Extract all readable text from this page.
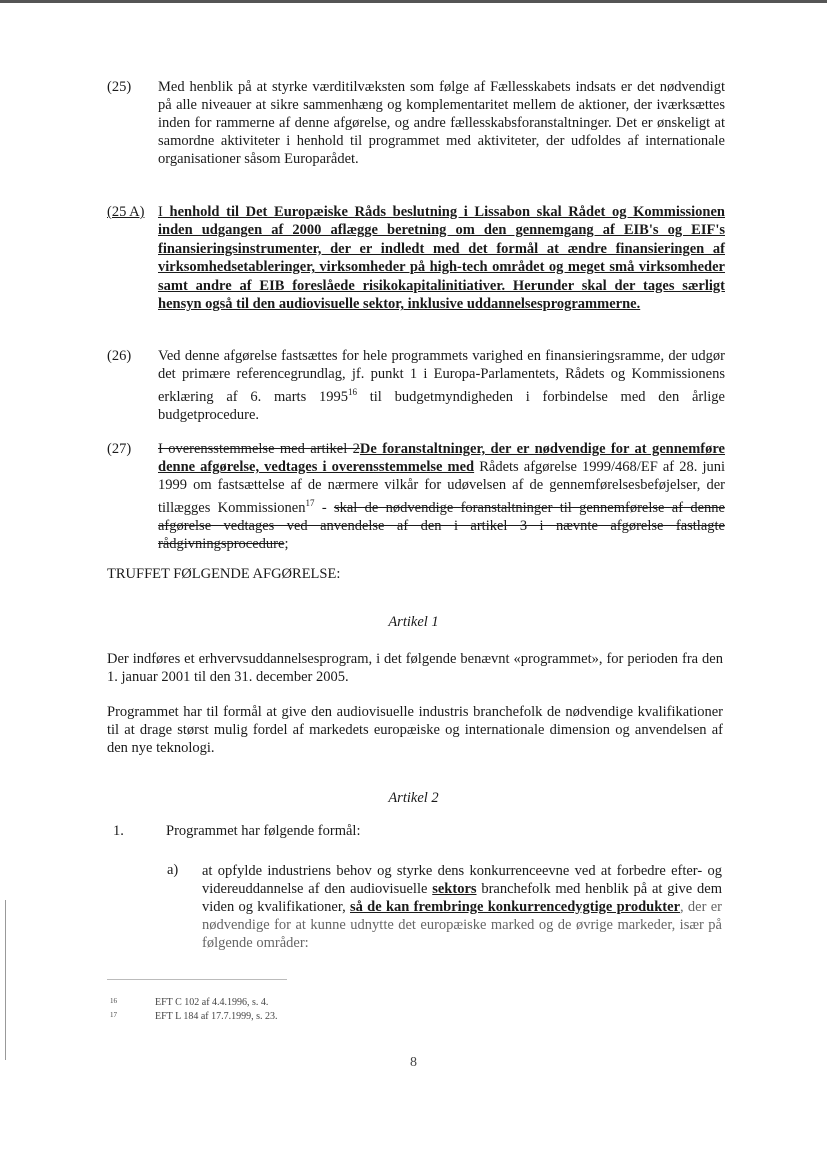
(25) Med henblik på at styrke værditilvæksten som følge af Fællesskabets indsats er det nødvendigt på alle niveauer at sikre sammenhæng og komplementaritet mellem de aktioner, der iværksættes inden for rammerne af denne afgørelse, og andre fællesskabsforanstaltninger. Det er ønskeligt at samordne aktiviteter i henhold til programmet med aktiviteter, der udfoldes af internationale organisationer såsom Europarådet.
(25 A) I henhold til Det Europæiske Råds beslutning i Lissabon skal Rådet og Kommissionen inden udgangen af 2000 aflægge beretning om den gennemgang af EIB's og EIF's finansieringsinstrumenter, der er indledt med det formål at ændre finansieringen af virksomhedsetableringer, virksomheder på high-tech området og meget små virksomheder samt andre af EIB foreslåede risikokapitalinitiativer. Herunder skal der tages særligt hensyn også til den audiovisuelle sektor, inklusive uddannelsesprogrammerne.
(26) Ved denne afgørelse fastsættes for hele programmets varighed en finansieringsramme, der udgør det primære referencegrundlag, jf. punkt 1 i Europa-Parlamentets, Rådets og Kommissionens erklæring af 6. marts 1995$^{16}$ til budgetmyndigheden i forbindelse med den årlige budgetprocedure.
(27) I overensstemmelse med artikel 2De foranstaltninger, der er nødvendige for at gennemføre denne afgørelse, vedtages i overensstemmelse med Rådets afgørelse 1999/468/EF af 28. juni 1999 om fastsættelse af de nærmere vilkår for udøvelsen af de gennemførelsesbeføjelser, der tillægges Kommissionen$^{17}$ - skal de nødvendige foranstaltninger til gennemførelse af denne afgørelse vedtages ved anvendelse af den i artikel 3 i nævnte afgørelse fastlagte rådgivningsprocedure;
TRUFFET FØLGENDE AFGØRELSE:
Artikel 1
Der indføres et erhvervsuddannelsesprogram, i det følgende benævnt «programmet», for perioden fra den 1. januar 2001 til den 31. december 2005.
Programmet har til formål at give den audiovisuelle industris branchefolk de nødvendige kvalifikationer til at drage størst mulig fordel af markedets europæiske og internationale dimension og anvendelsen af den nye teknologi.
Artikel 2
1.	Programmet har følgende formål:
a) at opfylde industriens behov og styrke dens konkurrenceevne ved at forbedre efter- og videreuddannelse af den audiovisuelle sektors branchefolk med henblik på at give dem viden og kvalifikationer, så de kan frembringe konkurrencedygtige produkter, der er nødvendige for at kunne udnytte det europæiske marked og de øvrige markeder, især på følgende områder:
16	EFT C 102 af 4.4.1996, s. 4.
17	EFT L 184 af 17.7.1999, s. 23.
8
